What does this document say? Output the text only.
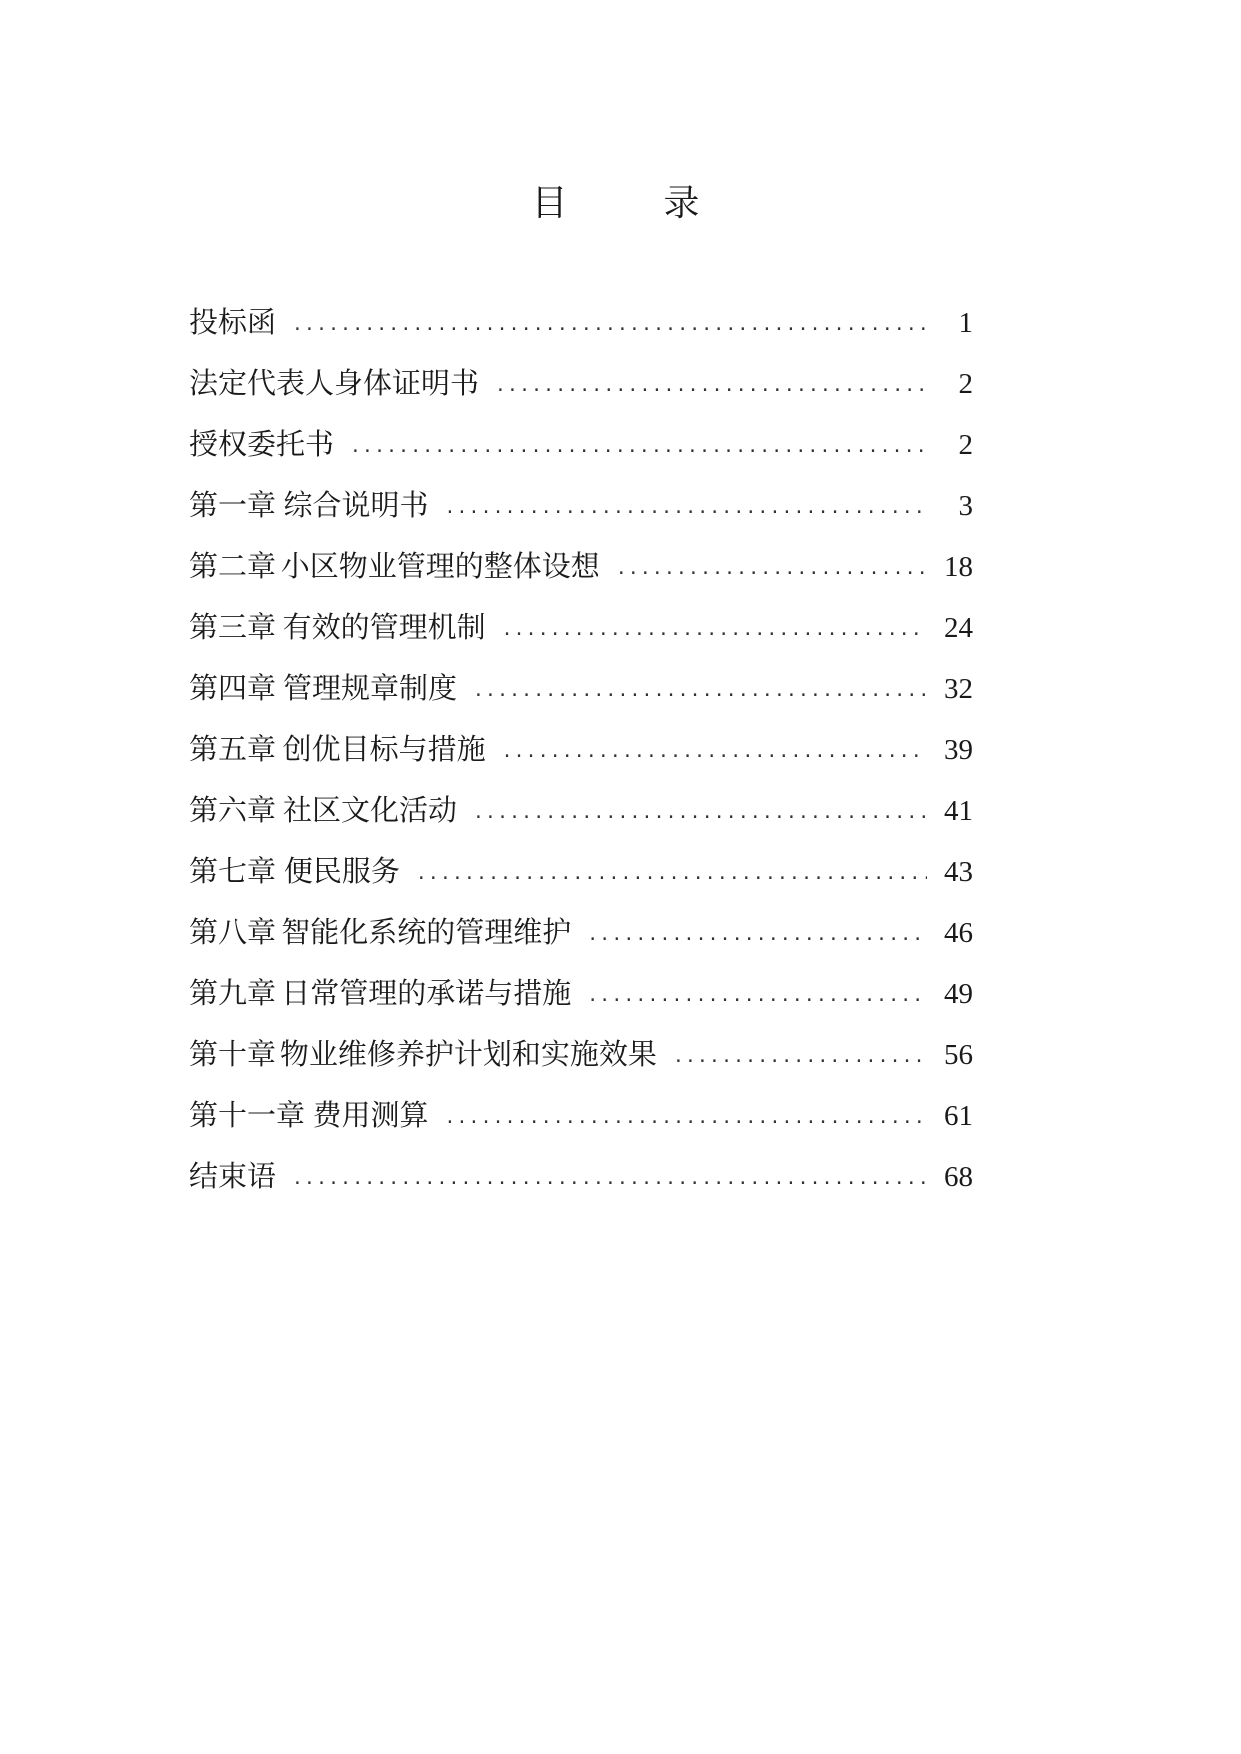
目　录
投标函 .....	1
法定代表人身体证明书 .....	2
授权委托书 .....	2
第一章 综合说明书 .....	3
第二章 小区物业管理的整体设想 .....	18
第三章 有效的管理机制 .....	24
第四章 管理规章制度 .....	32
第五章 创优目标与措施 .....	39
第六章 社区文化活动 .....	41
第七章 便民服务 .....	43
第八章 智能化系统的管理维护 .....	46
第九章 日常管理的承诺与措施 .....	49
第十章 物业维修养护计划和实施效果 .....	56
第十一章 费用测算 .....	61
结束语 .....	68
